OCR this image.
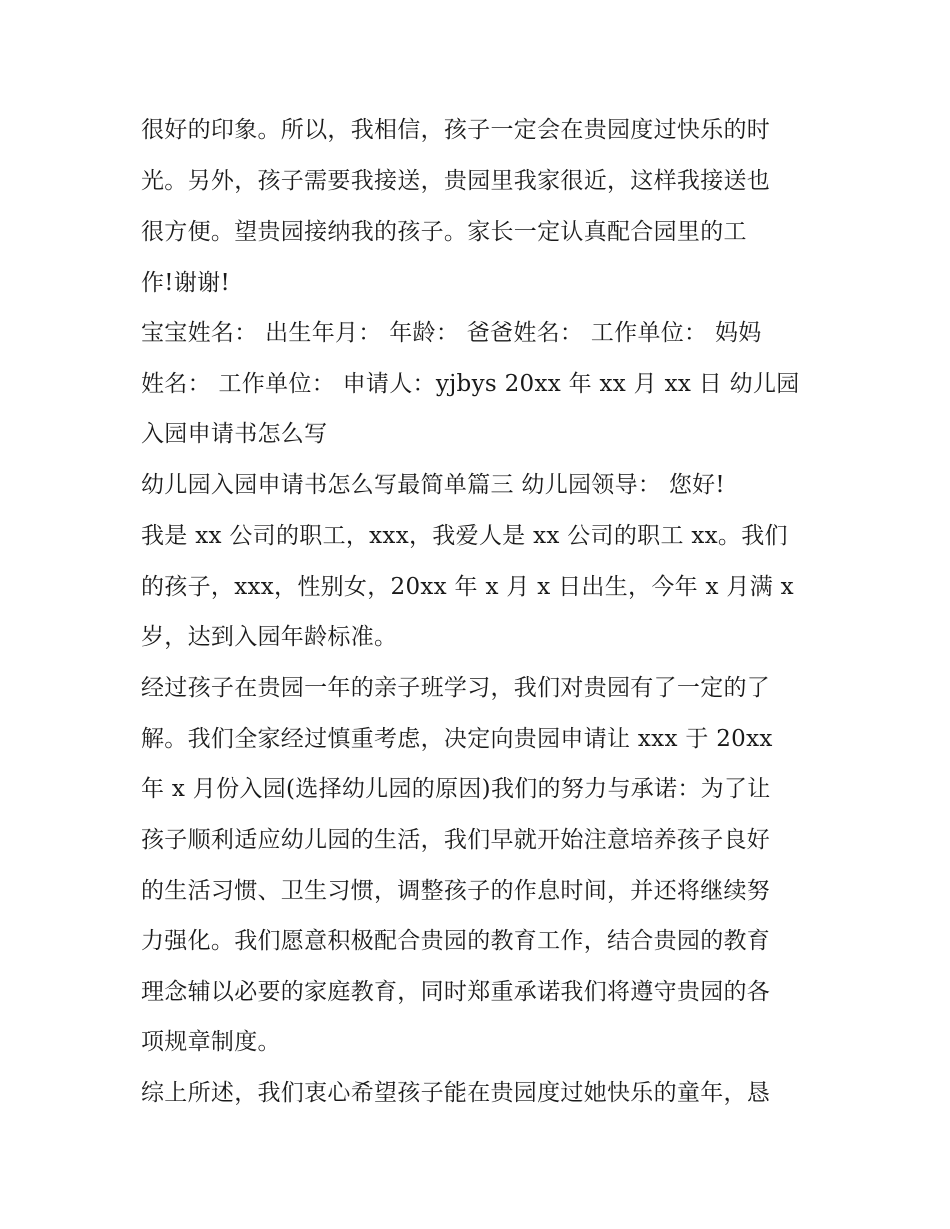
很好的印象。所以，我相信，孩子一定会在贵园度过快乐的时
光。另外，孩子需要我接送，贵园里我家很近，这样我接送也
很方便。望贵园接纳我的孩子。家长一定认真配合园里的工
作!谢谢!
宝宝姓名： 出生年月： 年龄： 爸爸姓名： 工作单位： 妈妈
姓名： 工作单位： 申请人：yjbys 20xx 年 xx 月 xx 日 幼儿园
入园申请书怎么写
幼儿园入园申请书怎么写最简单篇三 幼儿园领导： 您好!
我是 xx 公司的职工，xxx，我爱人是 xx 公司的职工 xx。我们
的孩子，xxx，性别女，20xx 年 x 月 x 日出生，今年 x 月满 x
岁，达到入园年龄标准。
经过孩子在贵园一年的亲子班学习，我们对贵园有了一定的了
解。我们全家经过慎重考虑，决定向贵园申请让 xxx 于 20xx
年 x 月份入园(选择幼儿园的原因)我们的努力与承诺：为了让
孩子顺利适应幼儿园的生活，我们早就开始注意培养孩子良好
的生活习惯、卫生习惯，调整孩子的作息时间，并还将继续努
力强化。我们愿意积极配合贵园的教育工作，结合贵园的教育
理念辅以必要的家庭教育，同时郑重承诺我们将遵守贵园的各
项规章制度。
综上所述，我们衷心希望孩子能在贵园度过她快乐的童年，恳
